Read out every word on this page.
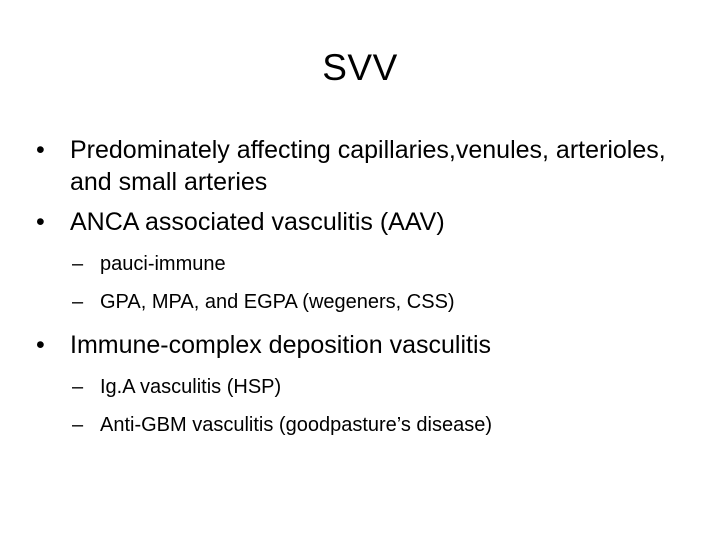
SVV
•	Predominately affecting capillaries,venules, arterioles, and small arteries
•	ANCA associated vasculitis (AAV)
– pauci-immune
– GPA, MPA, and EGPA (wegeners, CSS)
•	Immune-complex deposition vasculitis
– Ig.A vasculitis (HSP)
– Anti-GBM vasculitis (goodpasture’s disease)
